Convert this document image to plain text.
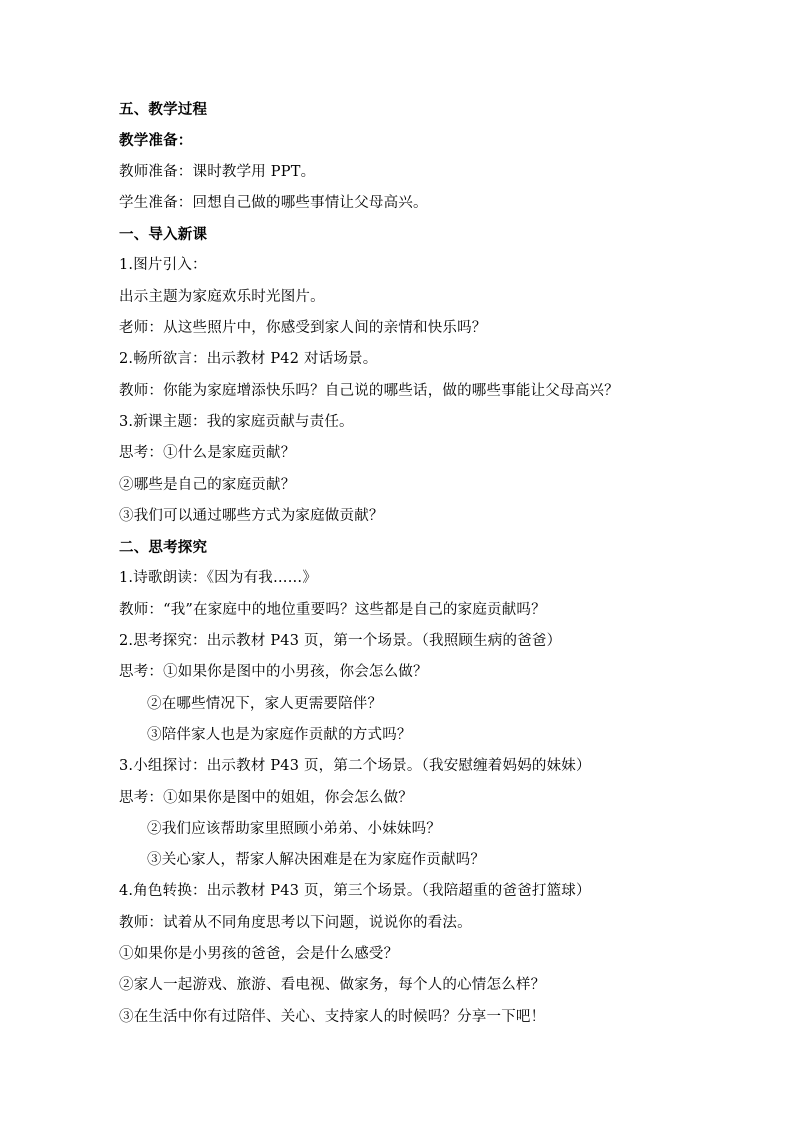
五、教学过程
教学准备：
教师准备：课时教学用 PPT。
学生准备：回想自己做的哪些事情让父母高兴。
一、导入新课
1.图片引入：
出示主题为家庭欢乐时光图片。
老师：从这些照片中，你感受到家人间的亲情和快乐吗？
2.畅所欲言：出示教材 P42 对话场景。
教师：你能为家庭增添快乐吗？自己说的哪些话，做的哪些事能让父母高兴？
3.新课主题：我的家庭贡献与责任。
思考：①什么是家庭贡献？
②哪些是自己的家庭贡献？
③我们可以通过哪些方式为家庭做贡献？
二、思考探究
1.诗歌朗读：《因为有我……》
教师：“我”在家庭中的地位重要吗？这些都是自己的家庭贡献吗？
2.思考探究：出示教材 P43 页，第一个场景。（我照顾生病的爸爸）
思考：①如果你是图中的小男孩，你会怎么做？
②在哪些情况下，家人更需要陪伴？
③陪伴家人也是为家庭作贡献的方式吗？
3.小组探讨：出示教材 P43 页，第二个场景。（我安慰缠着妈妈的妹妹）
思考：①如果你是图中的姐姐，你会怎么做？
②我们应该帮助家里照顾小弟弟、小妹妹吗？
③关心家人，帮家人解决困难是在为家庭作贡献吗？
4.角色转换：出示教材 P43 页，第三个场景。（我陪超重的爸爸打篮球）
教师：试着从不同角度思考以下问题，说说你的看法。
①如果你是小男孩的爸爸，会是什么感受？
②家人一起游戏、旅游、看电视、做家务，每个人的心情怎么样？
③在生活中你有过陪伴、关心、支持家人的时候吗？分享一下吧！
